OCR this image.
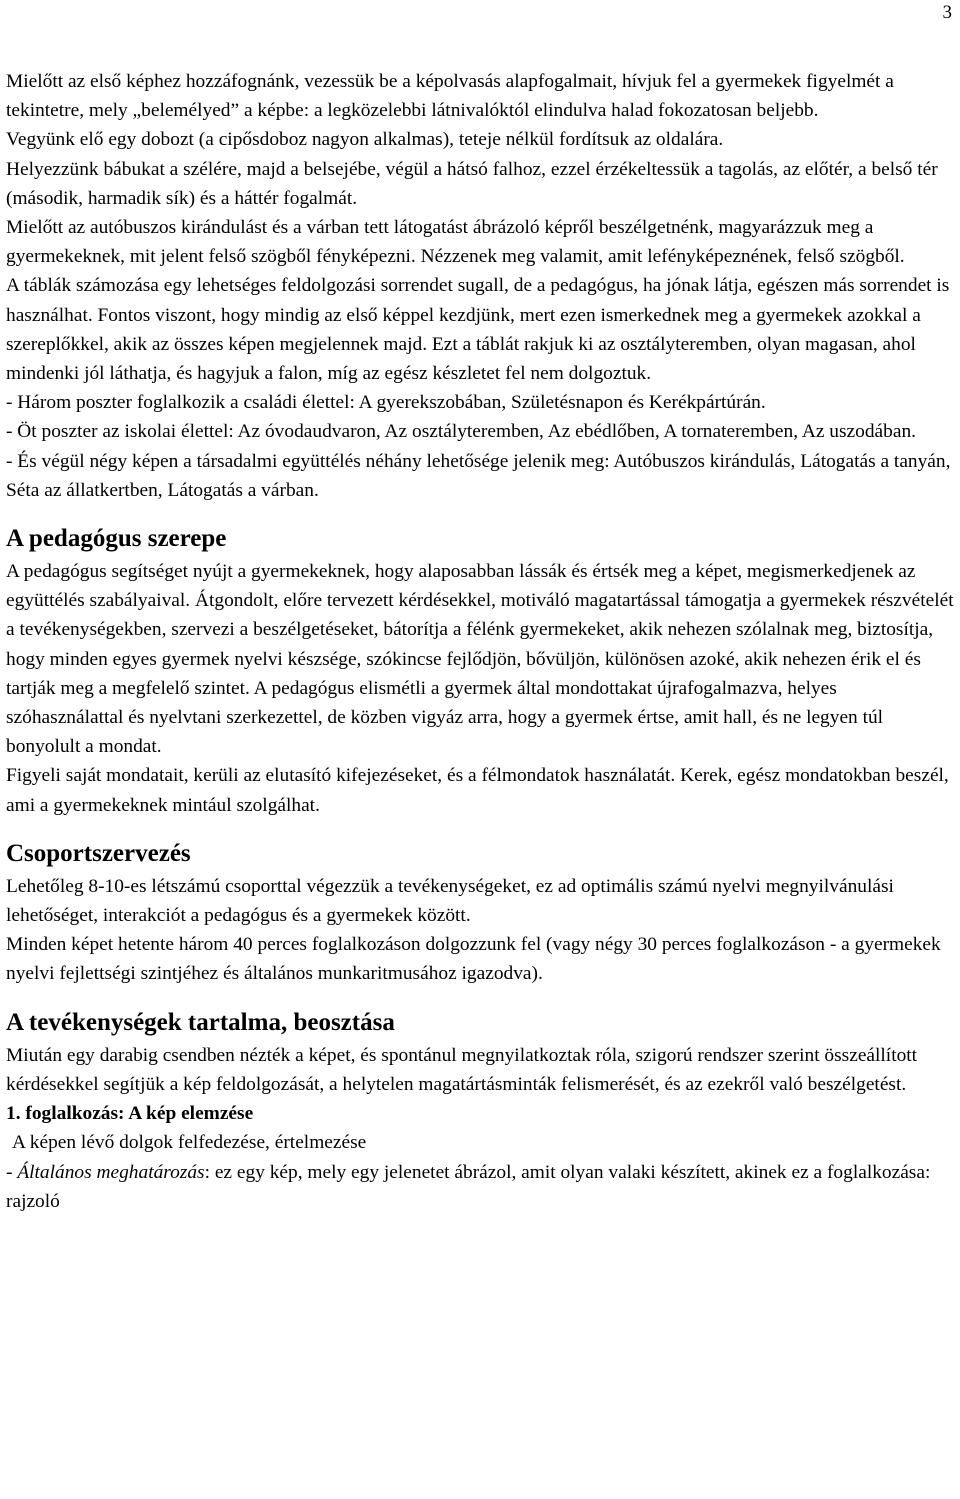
3

Mielőtt az első képhez hozzáfognánk, vezessük be a képolvasás alapfogalmait, hívjuk fel a gyermekek figyelmét a tekintetre, mely „belemélyed” a képbe: a legközelebbi látnivalóktól elindulva halad fokozatosan beljebb.

Vegyünk elő egy dobozt (a cipősdoboz nagyon alkalmas), teteje nélkül fordítsuk az oldalára.

Helyezzünk bábukat a szélére, majd a belsejébe, végül a hátsó falhoz, ezzel érzékeltessük a tagolás, az előtér, a belső tér (második, harmadik sík) és a háttér fogalmát.

Mielőtt az autóbuszos kirándulást és a várban tett látogatást ábrázoló képről beszélgetnénk, magyarázzuk meg a gyermekeknek, mit jelent felső szögből fényképezni. Nézzenek meg valamit, amit lefényképeznének, felső szögből.

A táblák számozása egy lehetséges feldolgozási sorrendet sugall, de a pedagógus, ha jónak látja, egészen más sorrendet is használhat. Fontos viszont, hogy mindig az első képpel kezdjünk, mert ezen ismerkednek meg a gyermekek azokkal a szereplőkkel, akik az összes képen megjelennek majd. Ezt a táblát rakjuk ki az osztályteremben, olyan magasan, ahol mindenki jól láthatja, és hagyjuk a falon, míg az egész készletet fel nem dolgoztuk.

- Három poszter foglalkozik a családi élettel: A gyerekszobában, Születésnapon és Kerékpártúrán.

- Öt poszter az iskolai élettel: Az óvodaudvaron, Az osztályteremben, Az ebédlőben, A tornateremben, Az uszodában.

- És végül négy képen a társadalmi együttélés néhány lehetősége jelenik meg: Autóbuszos kirándulás, Látogatás a tanyán, Séta az állatkertben, Látogatás a várban.

A pedagógus szerepe

A pedagógus segítséget nyújt a gyermekeknek, hogy alaposabban lássák és értsék meg a képet, megismerkedjenek az együttélés szabályaival. Átgondolt, előre tervezett kérdésekkel, motiváló magatartással támogatja a gyermekek részvételét a tevékenységekben, szervezi a beszélgetéseket, bátorítja a félénk gyermekeket, akik nehezen szólalnak meg, biztosítja, hogy minden egyes gyermek nyelvi készsége, szókincse fejlődjön, bővüljön, különösen azoké, akik nehezen érik el és tartják meg a megfelelő szintet. A pedagógus elismétli a gyermek által mondottakat újrafogalmazva, helyes szóhasználattal és nyelvtani szerkezettel, de közben vigyáz arra, hogy a gyermek értse, amit hall, és ne legyen túl bonyolult a mondat.

Figyeli saját mondatait, kerüli az elutasító kifejezéseket, és a félmondatok használatát. Kerek, egész mondatokban beszél, ami a gyermekeknek mintául szolgálhat.

Csoportszervezés

Lehetőleg 8-10-es létszámú csoporttal végezzük a tevékenységeket, ez ad optimális számú nyelvi megnyilvánulási lehetőséget, interakciót a pedagógus és a gyermekek között.

Minden képet hetente három 40 perces foglalkozáson dolgozzunk fel (vagy négy 30 perces foglalkozáson - a gyermekek nyelvi fejlettségi szintjéhez és általános munkaritmusához igazodva).

A tevékenységek tartalma, beosztása

Miután egy darabig csendben nézték a képet, és spontánul megnyilatkoztak róla, szigorú rendszer szerint összeállított kérdésekkel segítjük a kép feldolgozását, a helytelen magatártásminták felismerését, és az ezekről való beszélgetést.

1. foglalkozás: A kép elemzése

A képen lévő dolgok felfedezése, értelmezése

- Általános meghatározás: ez egy kép, mely egy jelenetet ábrázol, amit olyan valaki készített, akinek ez a foglalkozása: rajzoló
